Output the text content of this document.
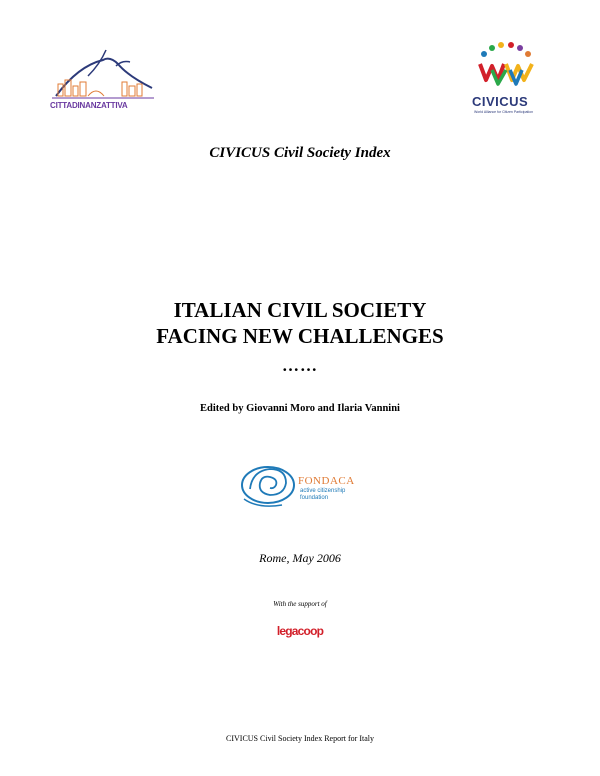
CITTADINANZATTIVA	CIVICUS
World Alliance for Citizen Participation
CIVICUS Civil Society Index
ITALIAN CIVIL SOCIETY
FACING NEW CHALLENGES
……
Edited by Giovanni Moro and Ilaria Vannini
FONDACA
active citizenship
foundation
Rome, May 2006
With the support of
legacoop
CIVICUS Civil Society Index Report for Italy
